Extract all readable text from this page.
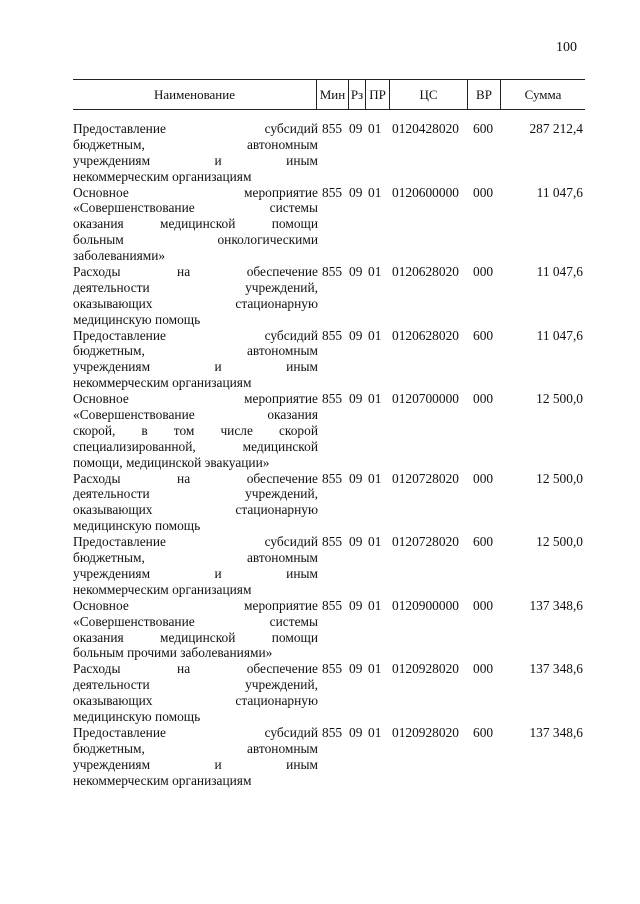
100
Наименование	Мин Рз ПР	ЦС	ВР	Сумма
Предоставление субсидий
бюджетным, автономным
учреждениям и иным
некоммерческим организациям
855 09 01 0120428020 600	287 212,4
Основное мероприятие
«Совершенствование системы
оказания медицинской помощи
больным онкологическими
заболеваниями»
855 09 01 0120600000 000	11 047,6
Расходы на обеспечение
деятельности учреждений,
оказывающих стационарную
медицинскую помощь
855 09 01 0120628020 000	11 047,6
Предоставление субсидий
бюджетным, автономным
учреждениям и иным
некоммерческим организациям
855 09 01 0120628020 600	11 047,6
Основное мероприятие
«Совершенствование оказания
скорой, в том числе скорой
специализированной, медицинской
помощи, медицинской эвакуации»
855 09 01 0120700000 000	12 500,0
Расходы на обеспечение
деятельности учреждений,
оказывающих стационарную
медицинскую помощь
855 09 01 0120728020 000	12 500,0
Предоставление субсидий
бюджетным, автономным
учреждениям и иным
некоммерческим организациям
855 09 01 0120728020 600	12 500,0
Основное мероприятие
«Совершенствование системы
оказания медицинской помощи
больным прочими заболеваниями»
855 09 01 0120900000 000	137 348,6
Расходы на обеспечение
деятельности учреждений,
оказывающих стационарную
медицинскую помощь
855 09 01 0120928020 000	137 348,6
Предоставление субсидий
бюджетным, автономным
учреждениям и иным
некоммерческим организациям
855 09 01 0120928020 600	137 348,6
